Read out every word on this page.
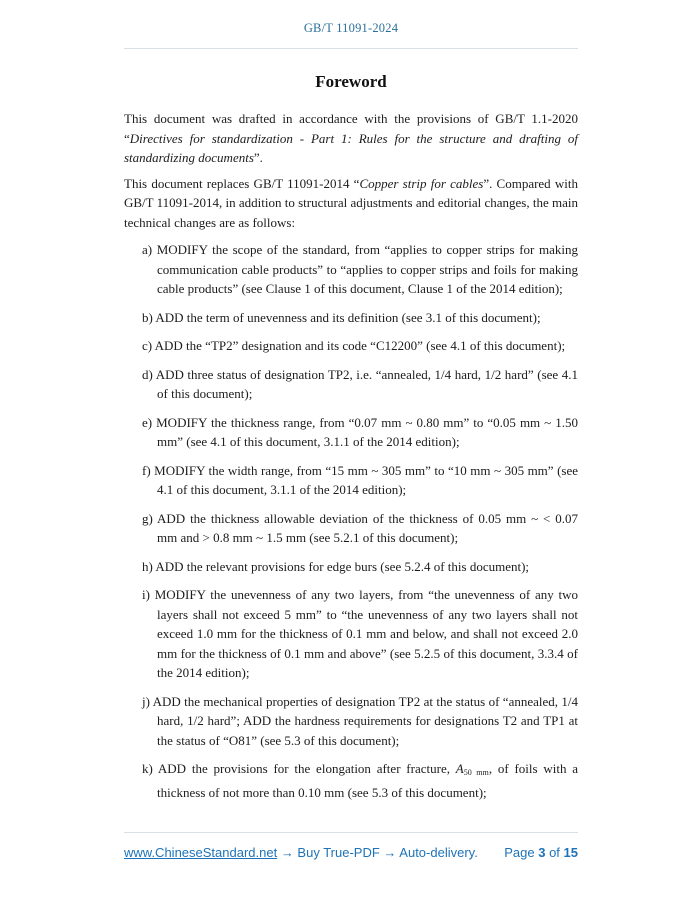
GB/T 11091-2024
Foreword

This document was drafted in accordance with the provisions of GB/T 1.1-2020 “Directives for standardization - Part 1: Rules for the structure and drafting of standardizing documents”.

This document replaces GB/T 11091-2014 “Copper strip for cables”. Compared with GB/T 11091-2014, in addition to structural adjustments and editorial changes, the main technical changes are as follows:

a) MODIFY the scope of the standard, from “applies to copper strips for making communication cable products” to “applies to copper strips and foils for making cable products” (see Clause 1 of this document, Clause 1 of the 2014 edition);

b) ADD the term of unevenness and its definition (see 3.1 of this document);

c) ADD the “TP2” designation and its code “C12200” (see 4.1 of this document);

d) ADD three status of designation TP2, i.e. “annealed, 1/4 hard, 1/2 hard” (see 4.1 of this document);

e) MODIFY the thickness range, from “0.07 mm ~ 0.80 mm” to “0.05 mm ~ 1.50 mm” (see 4.1 of this document, 3.1.1 of the 2014 edition);

f) MODIFY the width range, from “15 mm ~ 305 mm” to “10 mm ~ 305 mm” (see 4.1 of this document, 3.1.1 of the 2014 edition);

g) ADD the thickness allowable deviation of the thickness of 0.05 mm ~ < 0.07 mm and > 0.8 mm ~ 1.5 mm (see 5.2.1 of this document);

h) ADD the relevant provisions for edge burs (see 5.2.4 of this document);

i) MODIFY the unevenness of any two layers, from “the unevenness of any two layers shall not exceed 5 mm” to “the unevenness of any two layers shall not exceed 1.0 mm for the thickness of 0.1 mm and below, and shall not exceed 2.0 mm for the thickness of 0.1 mm and above” (see 5.2.5 of this document, 3.3.4 of the 2014 edition);

j) ADD the mechanical properties of designation TP2 at the status of “annealed, 1/4 hard, 1/2 hard”; ADD the hardness requirements for designations T2 and TP1 at the status of “O81” (see 5.3 of this document);

k) ADD the provisions for the elongation after fracture, A50 mm, of foils with a thickness of not more than 0.10 mm (see 5.3 of this document);

www.ChineseStandard.net → Buy True-PDF → Auto-delivery. Page 3 of 15
